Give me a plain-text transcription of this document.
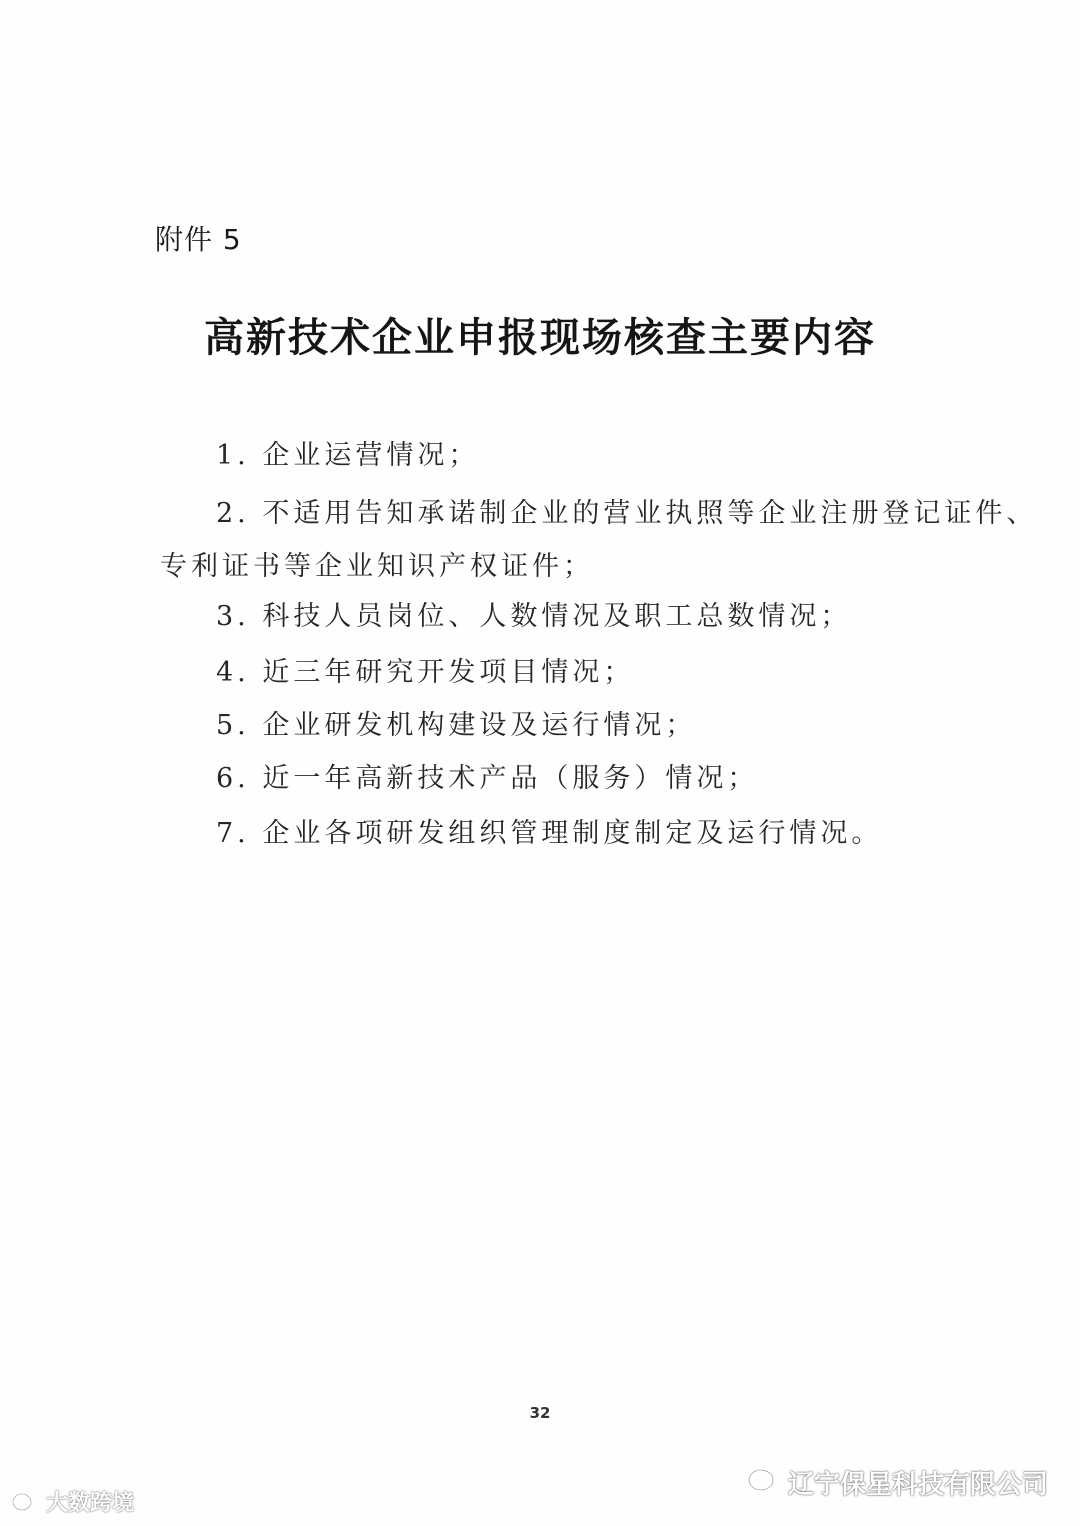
附件 5
高新技术企业申报现场核查主要内容
1. 企业运营情况；
2. 不适用告知承诺制企业的营业执照等企业注册登记证件、
专利证书等企业知识产权证件；
3. 科技人员岗位、人数情况及职工总数情况；
4. 近三年研究开发项目情况；
5. 企业研发机构建设及运行情况；
6. 近一年高新技术产品（服务）情况；
7. 企业各项研发组织管理制度制定及运行情况。
32
大数跨境
辽宁保星科技有限公司
